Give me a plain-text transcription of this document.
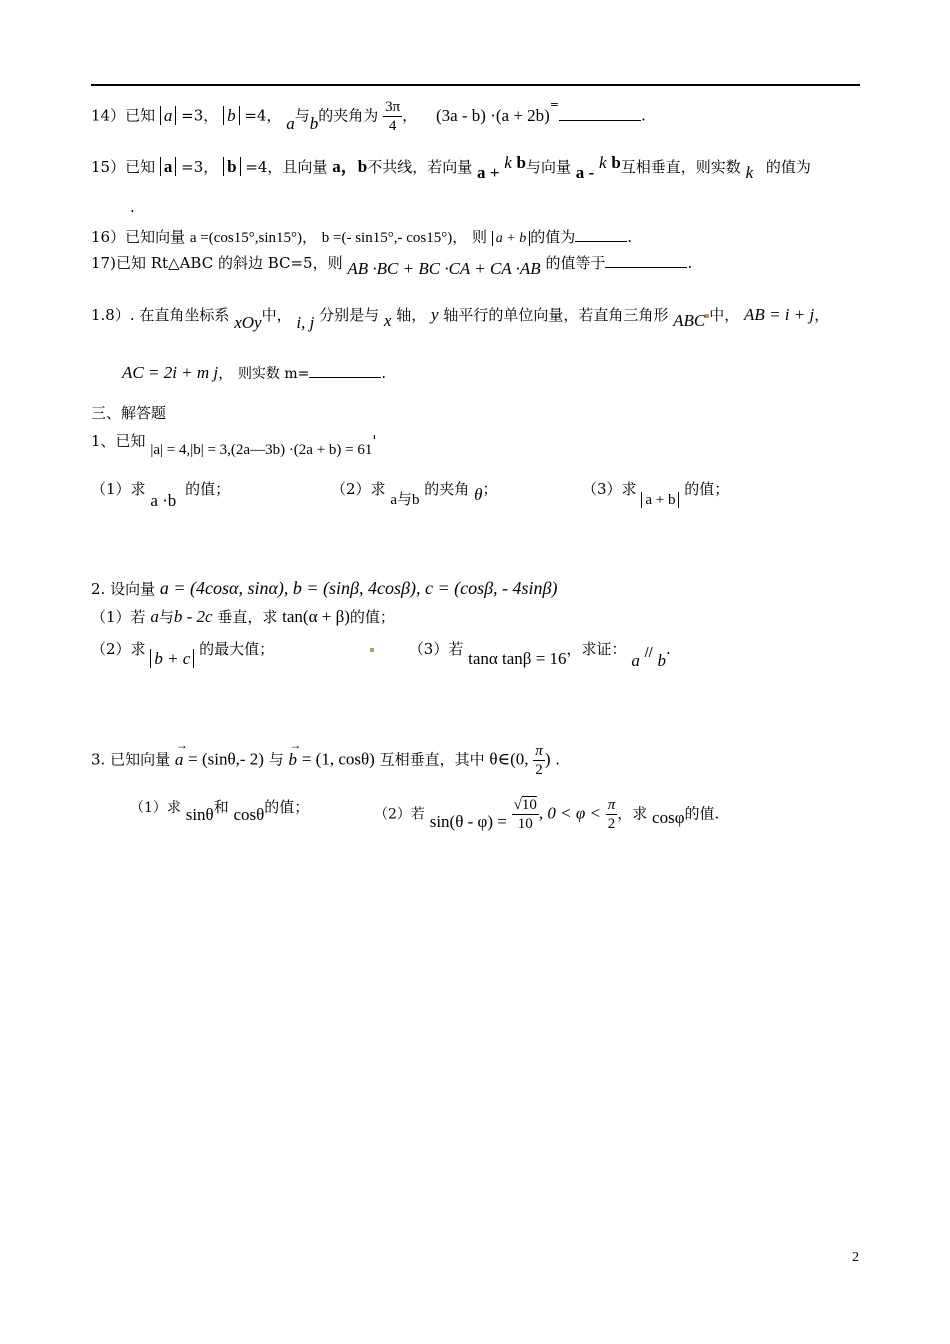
14）已知 a =3， b =4， a与b的夹角为 $\frac{3\pi}{4}$ ， (3a - b) ·(a + 2b)=.
15）已知 a =3， b =4，且向量 a，b不共线，若向量 a + k b与向量 a - k b互相垂直，则实数 k 的值为
.
16）已知向量 a =(cos15°,sin15°)， b =(- sin15°,- cos15°)， 则 a + b 的值为	.
17)已知 Rt△ABC 的斜边 BC=5，则 AB ·BC + BC ·CA + CA ·AB 的值等于	.
1.8）. 在直角坐标系 xOy中， i, j 分别是与 x 轴， y 轴平行的单位向量，若直角三角形 ABC 中， AB = i + j，
AC = 2i + m j， 则实数 m=	.
三、解答题
1、已知 |a| = 4,|b| = 3,(2a—3b) ·(2a + b) = 61'
（1）求 a ·b 的值；	（2）求 a与b 的夹角 θ；	（3）求 a + b 的值；
2. 设向量 a = (4cosα, sinα), b = (sinβ, 4cosβ), c = (cosβ, - 4sinβ)
（1）若 a与b - 2c 垂直，求 tan(α + β)的值；
（2）求 b + c 的最大值；	（3）若 tanα tanβ = 16，求证： a // b.
3. 已知向量 → a = (sinθ,- 2) 与 → b = (1, cosθ) 互相垂直，其中 θ∈(0, $\frac{\pi}{2}$ ) .
（1）求 sinθ和 cosθ的值；	（2）若 $\sin(\theta - \varphi) = \frac{√10}{10}$ , $0 < \varphi < \frac{\pi}{2}$ ，求 cosφ的值.
2
